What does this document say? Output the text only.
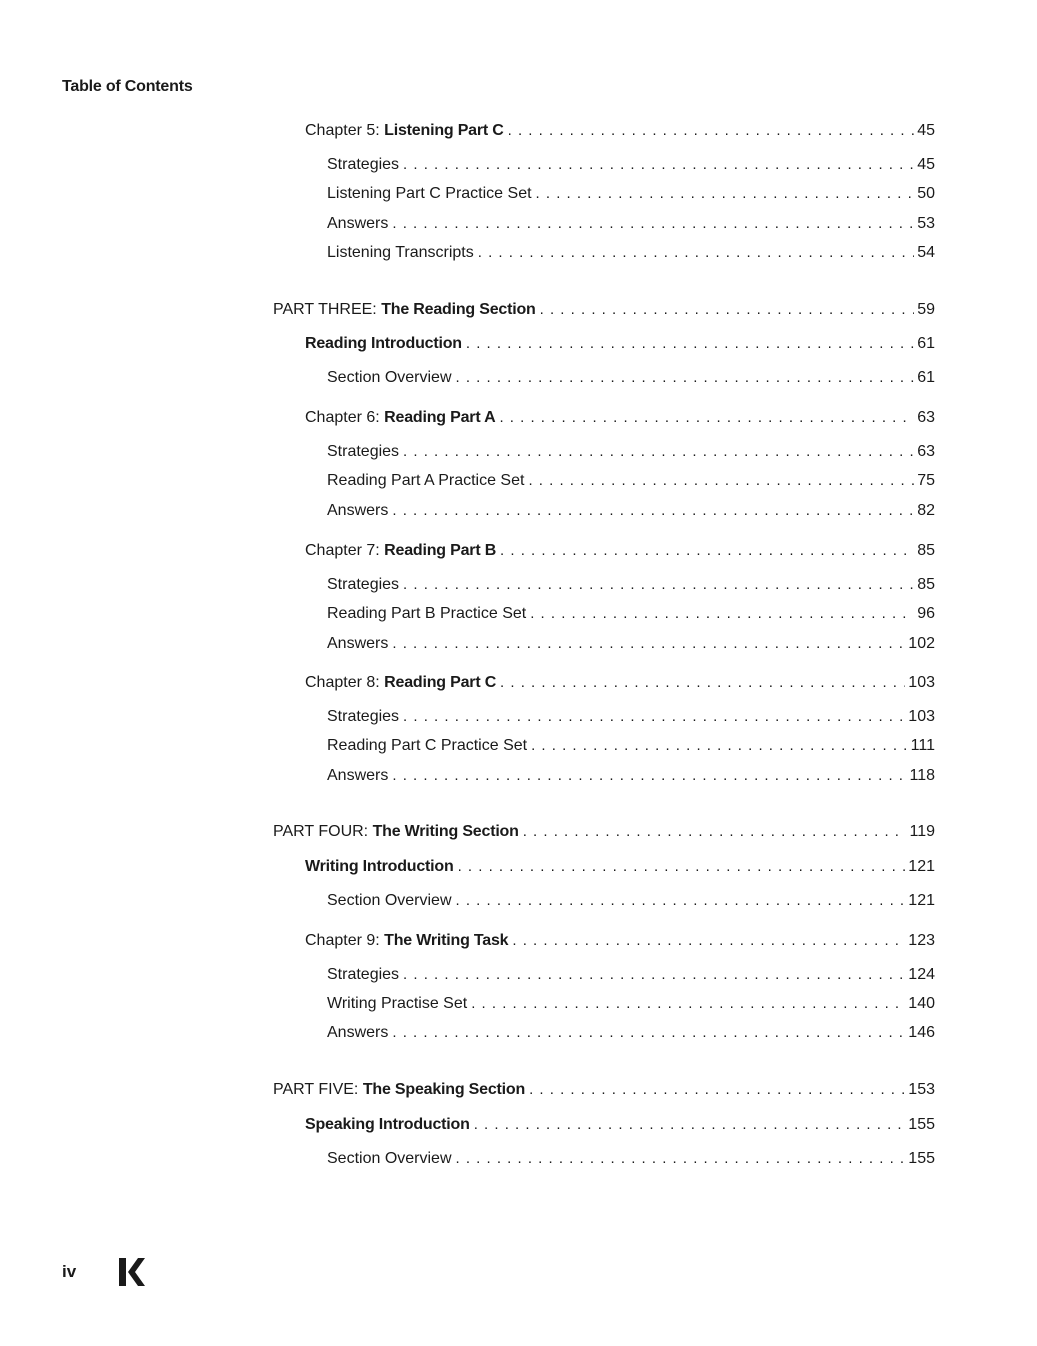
Table of Contents
Chapter 5: Listening Part C . . .	45
Strategies . . .	45
Listening Part C Practice Set . . .	50
Answers . . .	53
Listening Transcripts . . .	54
PART THREE: The Reading Section . . .	59
Reading Introduction . . .	61
Section Overview . . .	61
Chapter 6: Reading Part A . . .	63
Strategies . . .	63
Reading Part A Practice Set . . .	75
Answers . . .	82
Chapter 7: Reading Part B . . .	85
Strategies . . .	85
Reading Part B Practice Set . . .	96
Answers . . .	102
Chapter 8: Reading Part C . . .	103
Strategies . . .	103
Reading Part C Practice Set . . .	111
Answers . . .	118
PART FOUR: The Writing Section . . .	119
Writing Introduction . . .	121
Section Overview . . .	121
Chapter 9: The Writing Task . . .	123
Strategies . . .	124
Writing Practise Set . . .	140
Answers . . .	146
PART FIVE: The Speaking Section . . .	153
Speaking Introduction . . .	155
Section Overview . . .	155
iv
